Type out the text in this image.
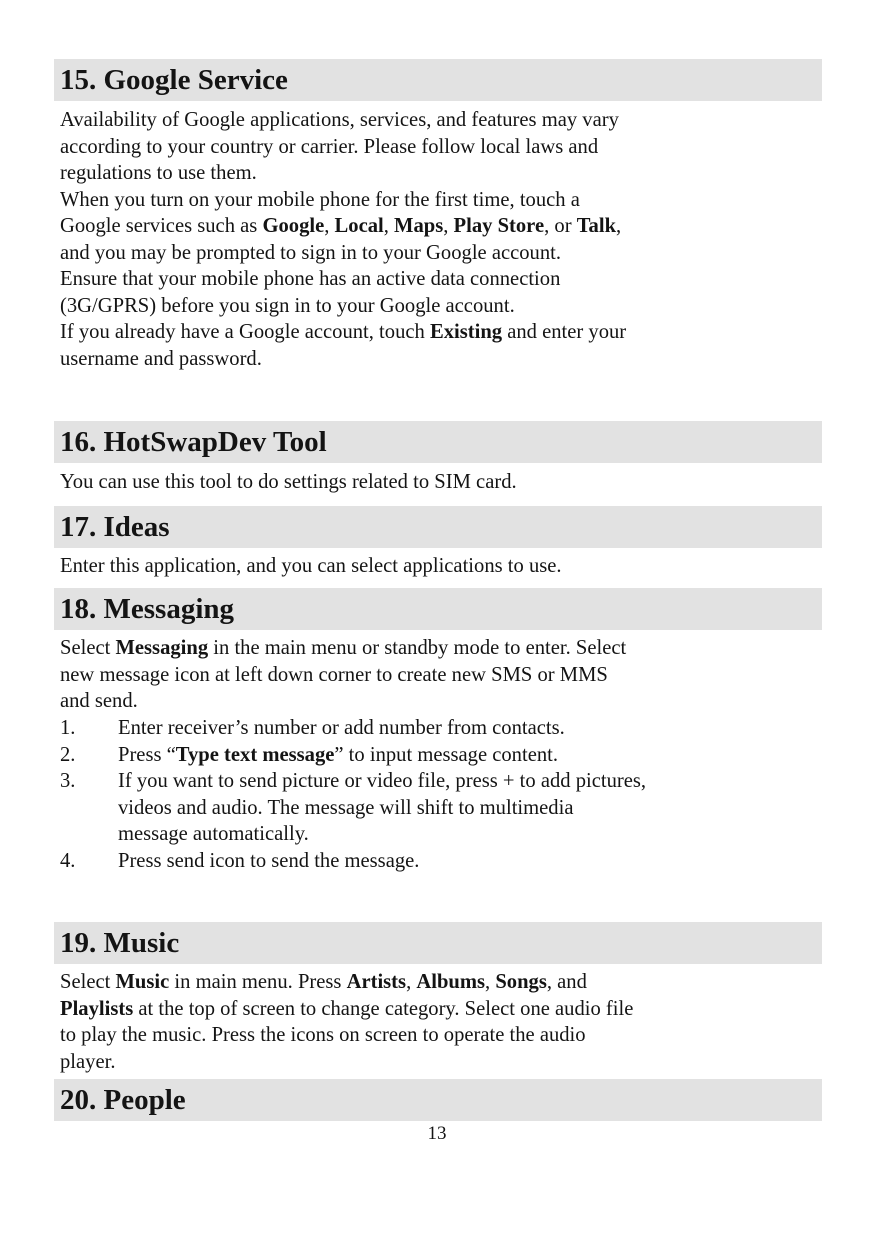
15. Google Service
Availability of Google applications, services, and features may vary
according to your country or carrier. Please follow local laws and
regulations to use them.
When you turn on your mobile phone for the first time, touch a
Google services such as Google, Local, Maps, Play Store, or Talk,
and you may be prompted to sign in to your Google account.
Ensure that your mobile phone has an active data connection
(3G/GPRS) before you sign in to your Google account.
If you already have a Google account, touch Existing and enter your
username and password.
16. HotSwapDev Tool
You can use this tool to do settings related to SIM card.
17. Ideas
Enter this application, and you can select applications to use.
18. Messaging
Select Messaging in the main menu or standby mode to enter. Select
new message icon at left down corner to create new SMS or MMS
and send.
1. Enter receiver’s number or add number from contacts.
2. Press “Type text message” to input message content.
3. If you want to send picture or video file, press + to add pictures,
videos and audio. The message will shift to multimedia
message automatically.
4. Press send icon to send the message.
19. Music
Select Music in main menu. Press Artists, Albums, Songs, and
Playlists at the top of screen to change category. Select one audio file
to play the music. Press the icons on screen to operate the audio
player.
20. People
13
